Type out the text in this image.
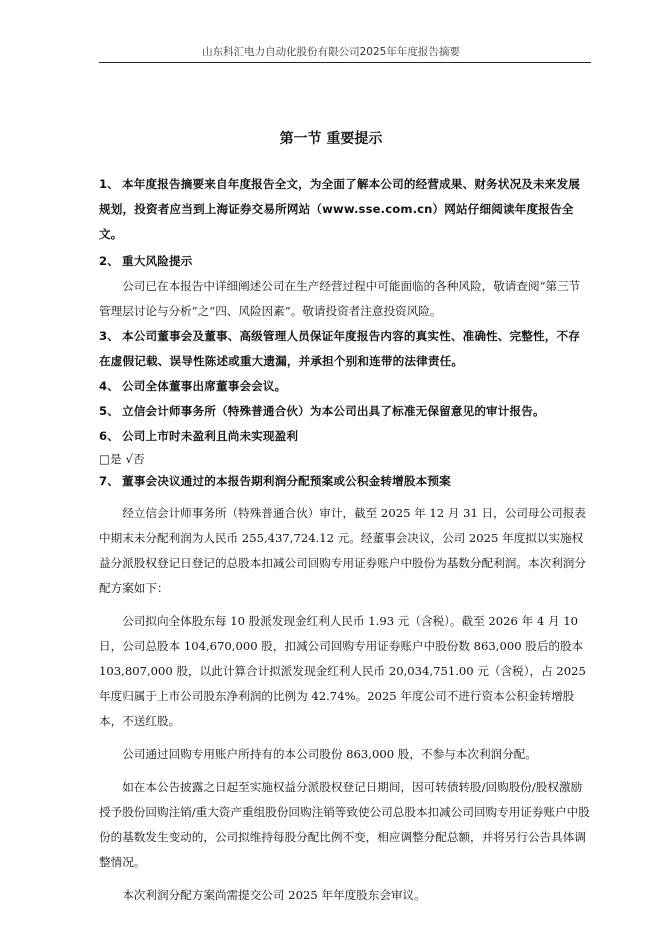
山东科汇电力自动化股份有限公司2025年年度报告摘要
第一节 重要提示
1、 本年度报告摘要来自年度报告全文，为全面了解本公司的经营成果、财务状况及未来发展规划，投资者应当到上海证券交易所网站（www.sse.com.cn）网站仔细阅读年度报告全文。
2、 重大风险提示

公司已在本报告中详细阐述公司在生产经营过程中可能面临的各种风险，敬请查阅“第三节 管理层讨论与分析”之“四、风险因素”。敬请投资者注意投资风险。

3、 本公司董事会及董事、高级管理人员保证年度报告内容的真实性、准确性、完整性，不存在虚假记载、误导性陈述或重大遗漏，并承担个别和连带的法律责任。
4、 公司全体董事出席董事会会议。
5、 立信会计师事务所（特殊普通合伙）为本公司出具了标准无保留意见的审计报告。
6、 公司上市时未盈利且尚未实现盈利
□是 √否
7、 董事会决议通过的本报告期利润分配预案或公积金转增股本预案

经立信会计师事务所（特殊普通合伙）审计，截至 2025 年 12 月 31 日，公司母公司报表中期末未分配利润为人民币 255,437,724.12 元。经董事会决议，公司 2025 年度拟以实施权益分派股权登记日登记的总股本扣减公司回购专用证券账户中股份为基数分配利润。本次利润分配方案如下：

公司拟向全体股东每 10 股派发现金红利人民币 1.93 元（含税）。截至 2026 年 4 月 10 日，公司总股本 104,670,000 股，扣减公司回购专用证券账户中股份数 863,000 股后的股本 103,807,000 股，以此计算合计拟派发现金红利人民币 20,034,751.00 元（含税），占 2025 年度归属于上市公司股东净利润的比例为 42.74%。2025 年度公司不进行资本公积金转增股本，不送红股。

公司通过回购专用账户所持有的本公司股份 863,000 股，不参与本次利润分配。

如在本公告披露之日起至实施权益分派股权登记日期间，因可转债转股/回购股份/股权激励授予股份回购注销/重大资产重组股份回购注销等致使公司总股本扣减公司回购专用证券账户中股份的基数发生变动的，公司拟维持每股分配比例不变，相应调整分配总额，并将另行公告具体调整情况。

本次利润分配方案尚需提交公司 2025 年年度股东会审议。
